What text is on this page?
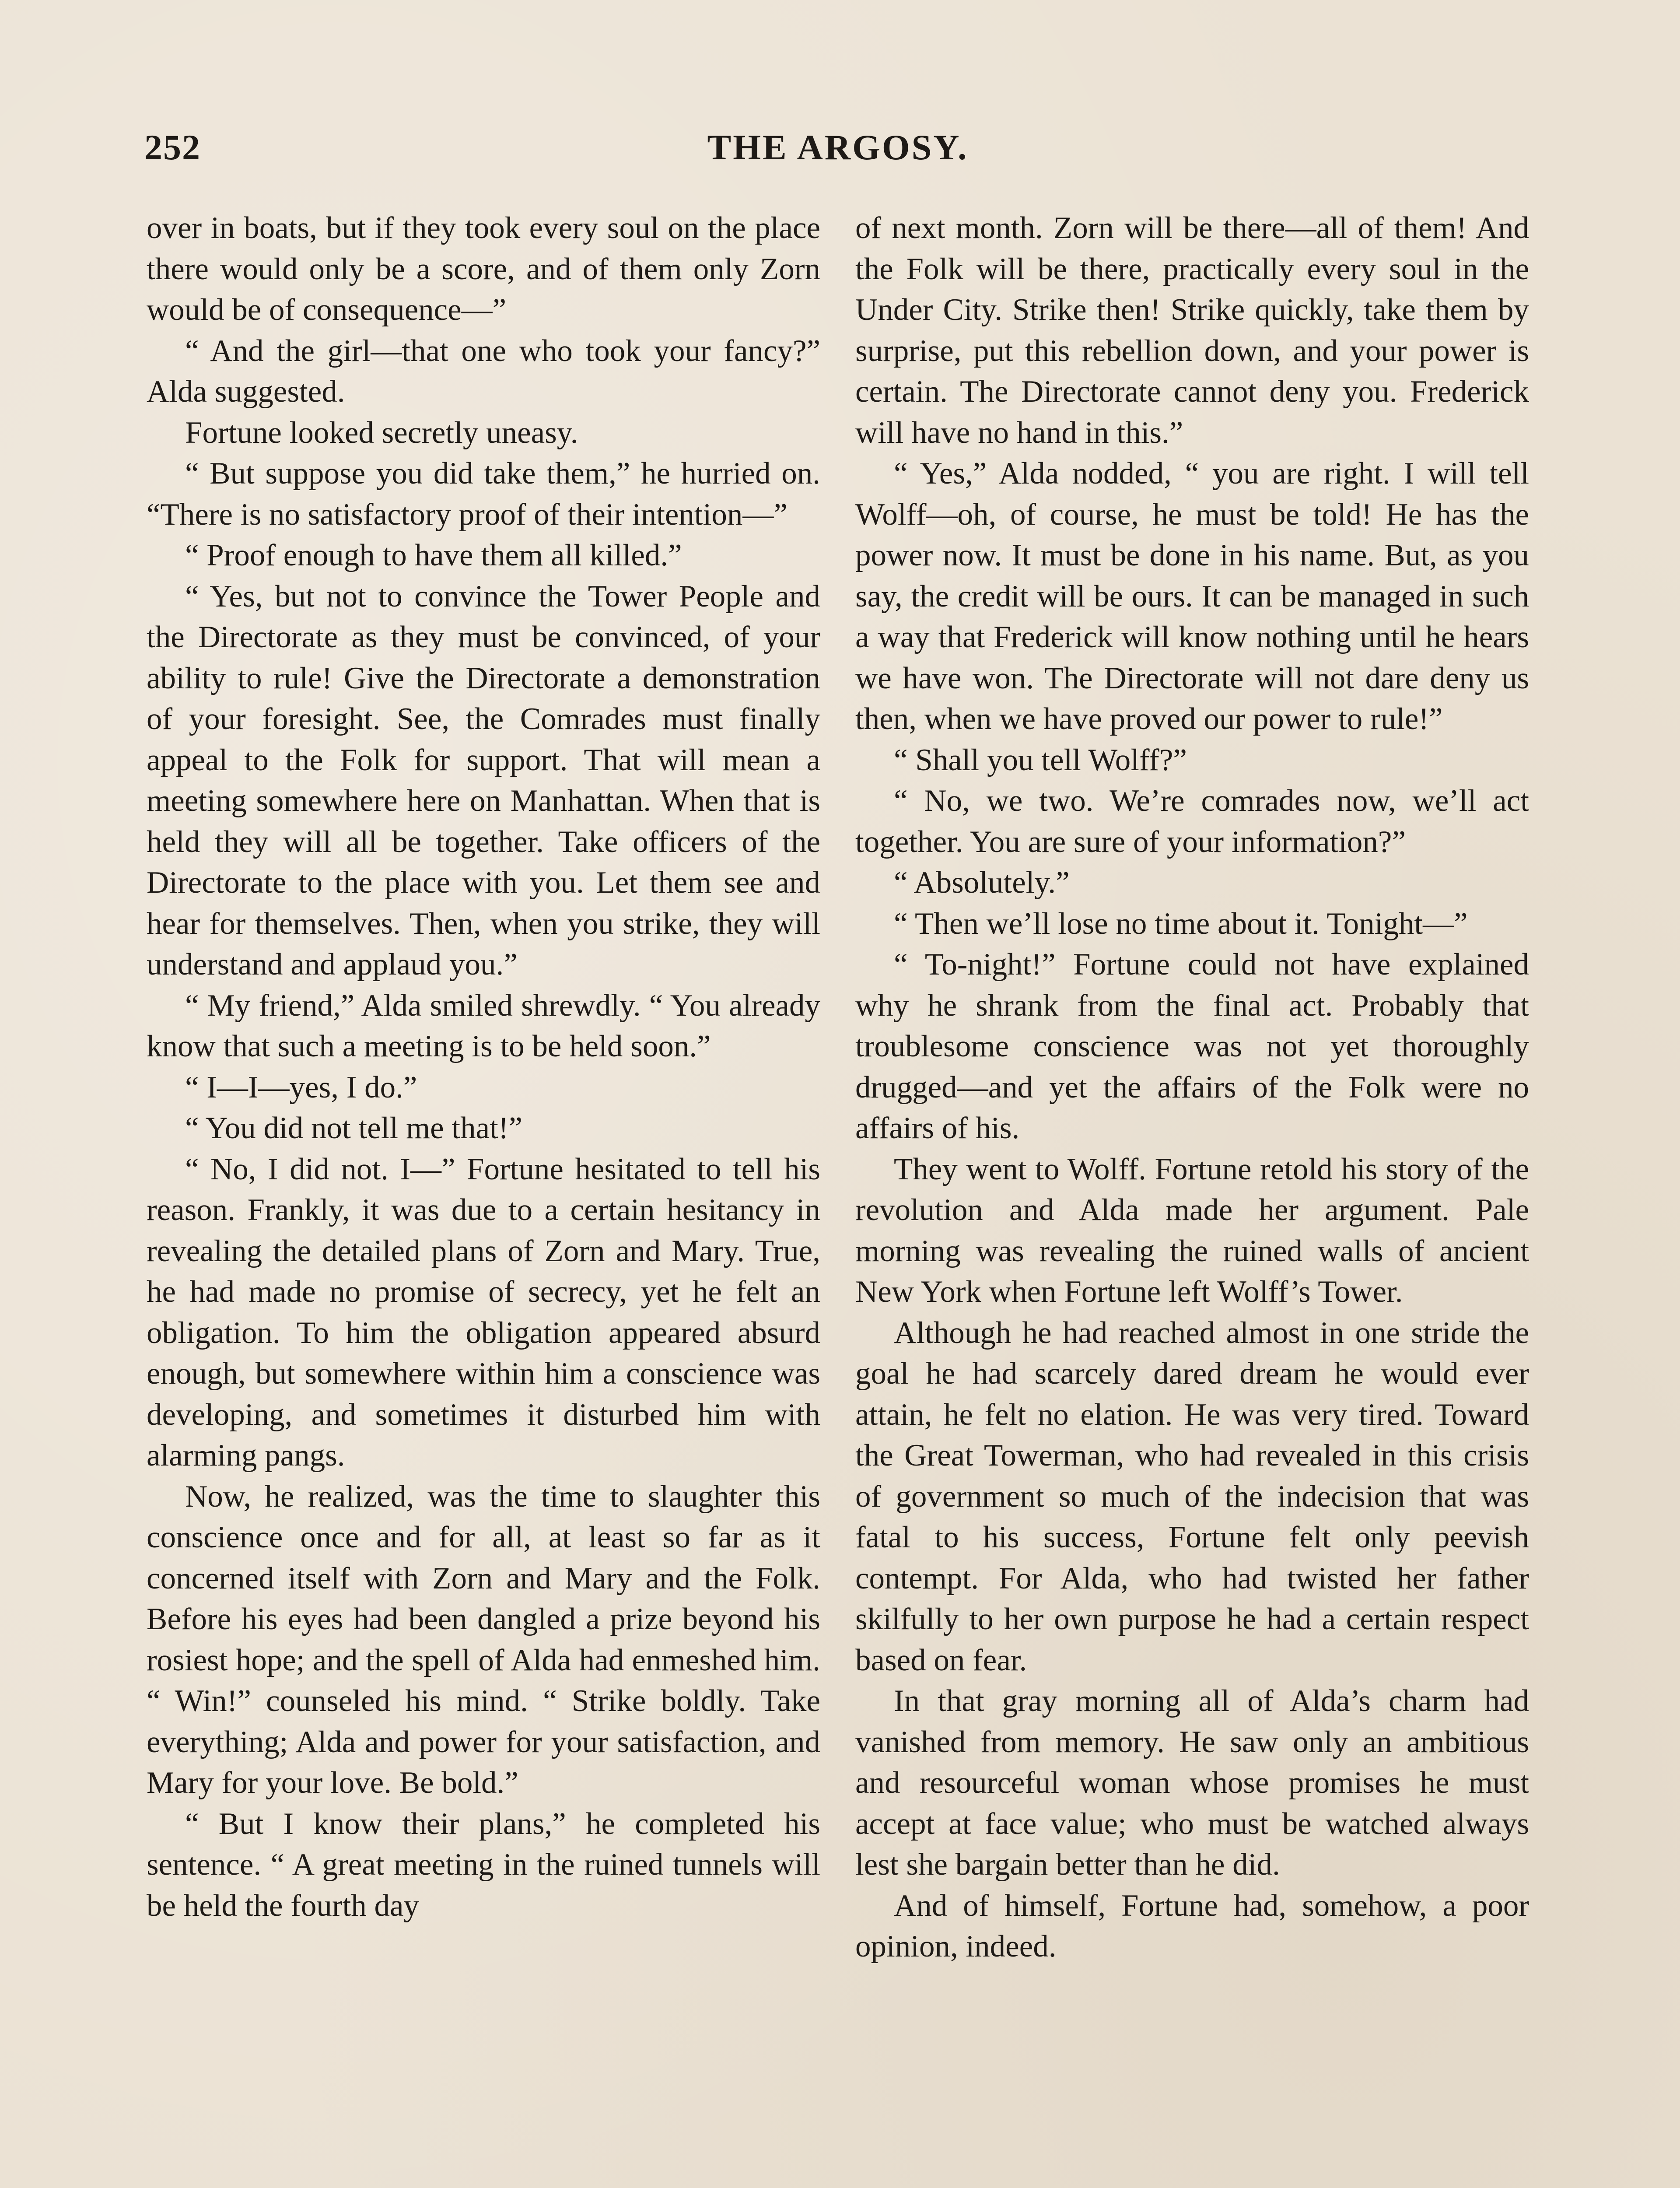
252	THE ARGOSY.

over in boats, but if they took every soul on the place there would only be a score, and of them only Zorn would be of consequence—”

“ And the girl—that one who took your fancy?” Alda suggested.

Fortune looked secretly uneasy.

“ But suppose you did take them,” he hurried on. “There is no satisfactory proof of their intention—”

“ Proof enough to have them all killed.”

“ Yes, but not to convince the Tower People and the Directorate as they must be convinced, of your ability to rule! Give the Directorate a demonstration of your foresight. See, the Comrades must finally appeal to the Folk for support. That will mean a meeting somewhere here on Manhattan. When that is held they will all be together. Take officers of the Directorate to the place with you. Let them see and hear for themselves. Then, when you strike, they will understand and applaud you.”

“ My friend,” Alda smiled shrewdly. “ You already know that such a meeting is to be held soon.”

“ I—I—yes, I do.”

“ You did not tell me that!”

“ No, I did not. I—” Fortune hesitated to tell his reason. Frankly, it was due to a certain hesitancy in revealing the detailed plans of Zorn and Mary. True, he had made no promise of secrecy, yet he felt an obligation. To him the obligation appeared absurd enough, but somewhere within him a conscience was developing, and sometimes it disturbed him with alarming pangs.

Now, he realized, was the time to slaughter this conscience once and for all, at least so far as it concerned itself with Zorn and Mary and the Folk. Before his eyes had been dangled a prize beyond his rosiest hope; and the spell of Alda had enmeshed him. “ Win!” counseled his mind. “ Strike boldly. Take everything; Alda and power for your satisfaction, and Mary for your love. Be bold.”

“ But I know their plans,” he completed his sentence. “ A great meeting in the ruined tunnels will be held the fourth day

of next month. Zorn will be there—all of them! And the Folk will be there, practically every soul in the Under City. Strike then! Strike quickly, take them by surprise, put this rebellion down, and your power is certain. The Directorate cannot deny you. Frederick will have no hand in this.”

“ Yes,” Alda nodded, “ you are right. I will tell Wolff—oh, of course, he must be told! He has the power now. It must be done in his name. But, as you say, the credit will be ours. It can be managed in such a way that Frederick will know nothing until he hears we have won. The Directorate will not dare deny us then, when we have proved our power to rule!”

“ Shall you tell Wolff?”

“ No, we two. We’re comrades now, we’ll act together. You are sure of your information?”

“ Absolutely.”

“ Then we’ll lose no time about it. Tonight—”

“ To-night!” Fortune could not have explained why he shrank from the final act. Probably that troublesome conscience was not yet thoroughly drugged—and yet the affairs of the Folk were no affairs of his.

They went to Wolff. Fortune retold his story of the revolution and Alda made her argument. Pale morning was revealing the ruined walls of ancient New York when Fortune left Wolff’s Tower.

Although he had reached almost in one stride the goal he had scarcely dared dream he would ever attain, he felt no elation. He was very tired. Toward the Great Towerman, who had revealed in this crisis of government so much of the indecision that was fatal to his success, Fortune felt only peevish contempt. For Alda, who had twisted her father skilfully to her own purpose he had a certain respect based on fear.

In that gray morning all of Alda’s charm had vanished from memory. He saw only an ambitious and resourceful woman whose promises he must accept at face value; who must be watched always lest she bargain better than he did.

And of himself, Fortune had, somehow, a poor opinion, indeed.
